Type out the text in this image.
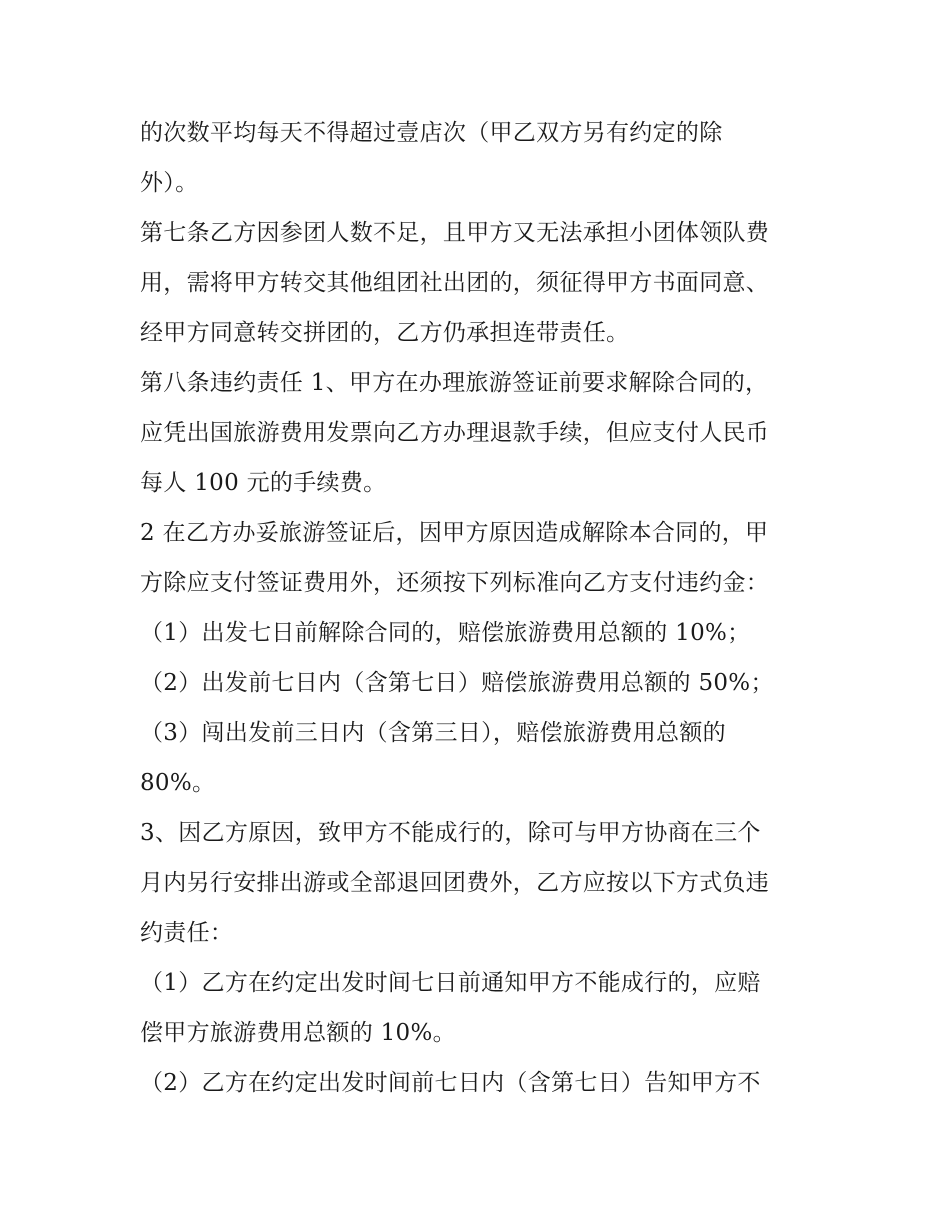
的次数平均每天不得超过壹店次（甲乙双方另有约定的除
外）。
第七条乙方因参团人数不足，且甲方又无法承担小团体领队费
用，需将甲方转交其他组团社出团的，须征得甲方书面同意、
经甲方同意转交拼团的，乙方仍承担连带责任。
第八条违约责任 1、甲方在办理旅游签证前要求解除合同的，
应凭出国旅游费用发票向乙方办理退款手续，但应支付人民币
每人 100 元的手续费。
2 在乙方办妥旅游签证后，因甲方原因造成解除本合同的，甲
方除应支付签证费用外，还须按下列标准向乙方支付违约金：
（1）出发七日前解除合同的，赔偿旅游费用总额的 10%；
（2）出发前七日内（含第七日）赔偿旅游费用总额的 50%；
（3）闯出发前三日内（含第三日），赔偿旅游费用总额的
80%。
3、因乙方原因，致甲方不能成行的，除可与甲方协商在三个
月内另行安排出游或全部退回团费外，乙方应按以下方式负违
约责任：
（1）乙方在约定出发时间七日前通知甲方不能成行的，应赔
偿甲方旅游费用总额的 10%。
（2）乙方在约定出发时间前七日内（含第七日）告知甲方不
